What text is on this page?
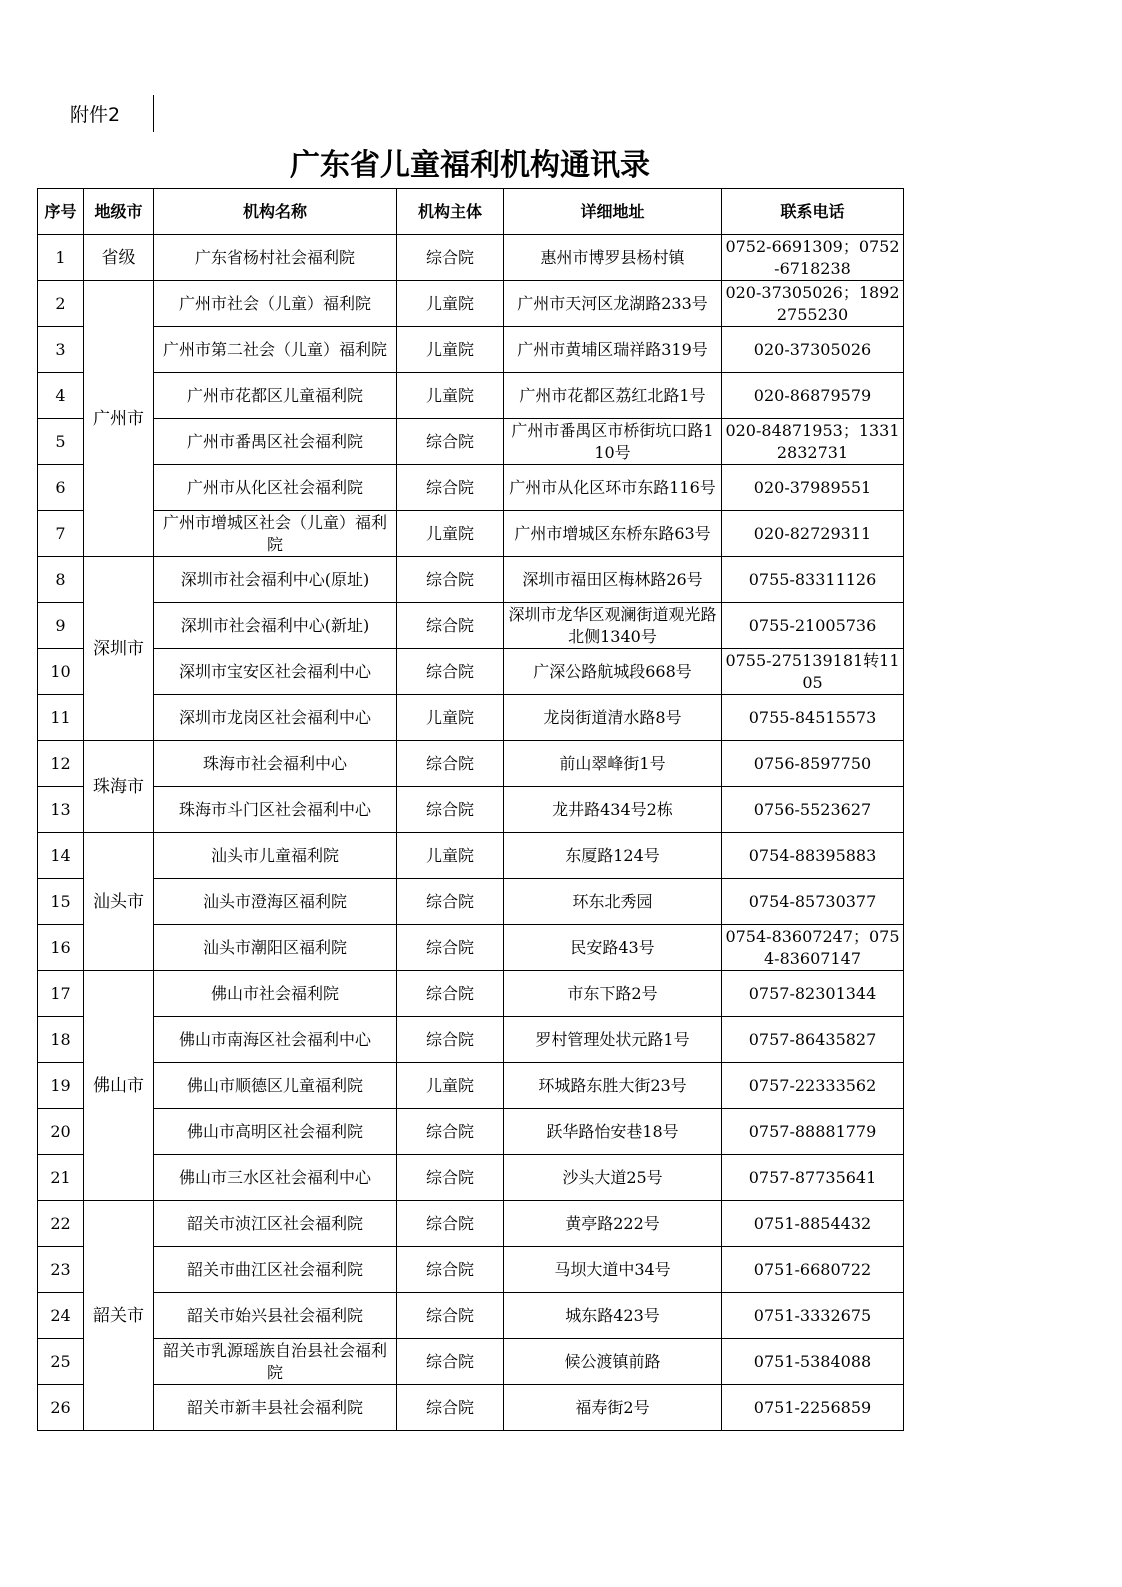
附件2
广东省儿童福利机构通讯录
序号	地级市	机构名称	机构主体	详细地址	联系电话
1	省级	广东省杨村社会福利院	综合院	惠州市博罗县杨村镇	0752-6691309；0752-6718238
2	广州市	广州市社会（儿童）福利院	儿童院	广州市天河区龙湖路233号	020-37305026；18922755230
3		广州市第二社会（儿童）福利院	儿童院	广州市黄埔区瑞祥路319号	020-37305026
4		广州市花都区儿童福利院	儿童院	广州市花都区荔红北路1号	020-86879579
5		广州市番禺区社会福利院	综合院	广州市番禺区市桥街坑口路110号	020-84871953；13312832731
6		广州市从化区社会福利院	综合院	广州市从化区环市东路116号	020-37989551
7		广州市增城区社会（儿童）福利院	儿童院	广州市增城区东桥东路63号	020-82729311
8	深圳市	深圳市社会福利中心(原址)	综合院	深圳市福田区梅林路26号	0755-83311126
9		深圳市社会福利中心(新址)	综合院	深圳市龙华区观澜街道观光路北侧1340号	0755-21005736
10		深圳市宝安区社会福利中心	综合院	广深公路航城段668号	0755-275139181转1105
11		深圳市龙岗区社会福利中心	儿童院	龙岗街道清水路8号	0755-84515573
12	珠海市	珠海市社会福利中心	综合院	前山翠峰街1号	0756-8597750
13		珠海市斗门区社会福利中心	综合院	龙井路434号2栋	0756-5523627
14	汕头市	汕头市儿童福利院	儿童院	东厦路124号	0754-88395883
15		汕头市澄海区福利院	综合院	环东北秀园	0754-85730377
16		汕头市潮阳区福利院	综合院	民安路43号	0754-83607247；0754-83607147
17	佛山市	佛山市社会福利院	综合院	市东下路2号	0757-82301344
18		佛山市南海区社会福利中心	综合院	罗村管理处状元路1号	0757-86435827
19		佛山市顺德区儿童福利院	儿童院	环城路东胜大街23号	0757-22333562
20		佛山市高明区社会福利院	综合院	跃华路怡安巷18号	0757-88881779
21		佛山市三水区社会福利中心	综合院	沙头大道25号	0757-87735641
22	韶关市	韶关市浈江区社会福利院	综合院	黄亭路222号	0751-8854432
23		韶关市曲江区社会福利院	综合院	马坝大道中34号	0751-6680722
24		韶关市始兴县社会福利院	综合院	城东路423号	0751-3332675
25		韶关市乳源瑶族自治县社会福利院	综合院	候公渡镇前路	0751-5384088
26		韶关市新丰县社会福利院	综合院	福寿街2号	0751-2256859
